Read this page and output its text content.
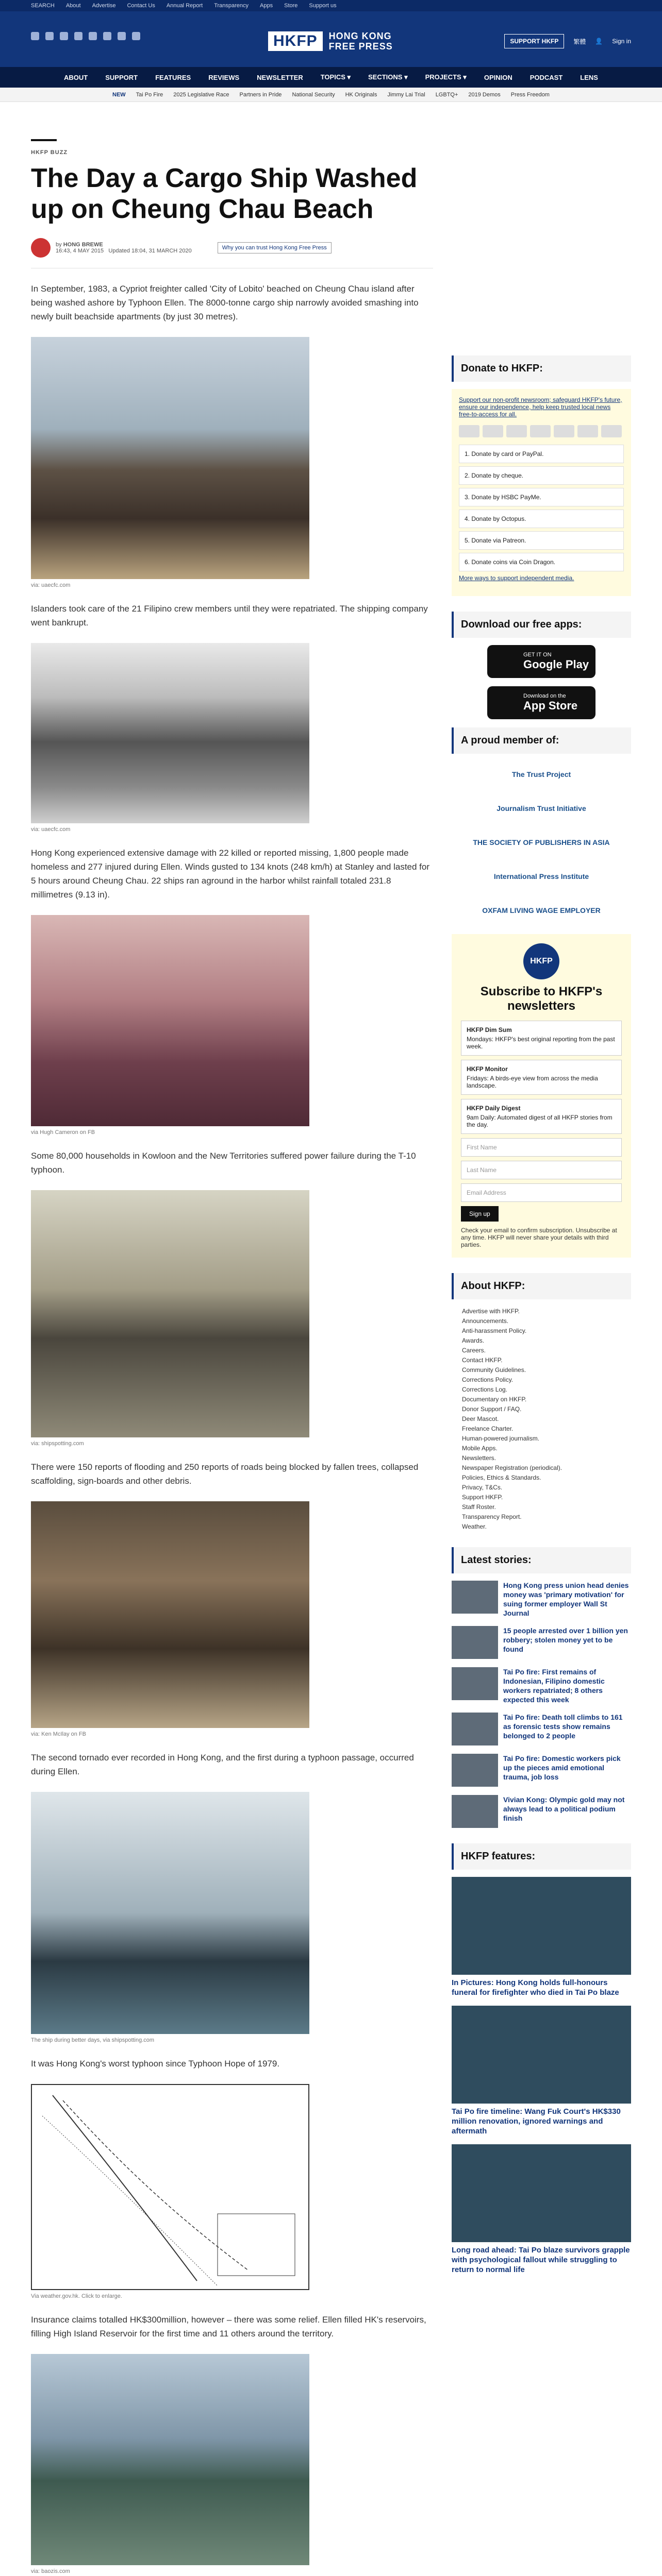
SEARCH About Advertise Contact Us Annual Report Transparency Apps Store Support us
HKFP	HONG KONG
FREE PRESS	SUPPORT HKFP	繁體 👤 Sign in
ABOUT	SUPPORT	FEATURES	REVIEWS	NEWSLETTER	TOPICS ▾	SECTIONS ▾	PROJECTS ▾	OPINION	PODCAST	LENS
NEW Tai Po Fire 2025 Legislative Race Partners in Pride National Security HK Originals Jimmy Lai Trial LGBTQ+ 2019 Demos Press Freedom
HKFP BUZZ
The Day a Cargo Ship Washed up on Cheung Chau Beach
by HONG BREWE
16:43, 4 MAY 2015 Updated 18:04, 31 MARCH 2020	Why you can trust Hong Kong Free Press

In September, 1983, a Cypriot freighter called 'City of Lobito' beached on Cheung Chau island after being washed ashore by Typhoon Ellen. The 8000-tonne cargo ship narrowly avoided smashing into newly built beachside apartments (by just 30 metres).

via: uaecfc.com

Islanders took care of the 21 Filipino crew members until they were repatriated. The shipping company went bankrupt.

via: uaecfc.com

Hong Kong experienced extensive damage with 22 killed or reported missing, 1,800 people made homeless and 277 injured during Ellen. Winds gusted to 134 knots (248 km/h) at Stanley and lasted for 5 hours around Cheung Chau. 22 ships ran aground in the harbor whilst rainfall totaled 231.8 millimetres (9.13 in).

via Hugh Cameron on FB

Some 80,000 households in Kowloon and the New Territories suffered power failure during the T-10 typhoon.

via: shipspotting.com

There were 150 reports of flooding and 250 reports of roads being blocked by fallen trees, collapsed scaffolding, sign-boards and other debris.

via: Ken McIlay on FB

The second tornado ever recorded in Hong Kong, and the first during a typhoon passage, occurred during Ellen.

The ship during better days, via shipspotting.com

It was Hong Kong's worst typhoon since Typhoon Hope of 1979.

Via weather.gov.hk. Click to enlarge.

Insurance claims totalled HK$300million, however – there was some relief. Ellen filled HK's reservoirs, filling High Island Reservoir for the first time and 11 others around the territory.

via: baozis.com

Donate to HKFP:
Support our non-profit newsroom; safeguard HKFP's future, ensure our independence, help keep trusted local news free-to-access for all.
1. Donate by card or PayPal.
2. Donate by cheque.
3. Donate by HSBC PayMe.
4. Donate by Octopus.
5. Donate via Patreon.
6. Donate coins via Coin Dragon.
More ways to support independent media.
Download our free apps:
GET IT ON
Google Play
Download on the
App Store
A proud member of:
The Trust Project
Journalism Trust Initiative
THE SOCIETY OF PUBLISHERS IN ASIA
International Press Institute
OXFAM LIVING WAGE EMPLOYER
HKFP
Subscribe to HKFP's newsletters
HKFP Dim Sum
Mondays: HKFP's best original reporting from the past week.
HKFP Monitor
Fridays: A birds-eye view from across the media landscape.
HKFP Daily Digest
9am Daily: Automated digest of all HKFP stories from the day.
First Name
Last Name
Email Address
Sign up

Check your email to confirm subscription. Unsubscribe at any time. HKFP will never share your details with third parties.

About HKFP:
Advertise with HKFP.
Announcements.
Anti-harassment Policy.
Awards.
Careers.
Contact HKFP.
Community Guidelines.
Corrections Policy.
Corrections Log.
Documentary on HKFP.
Donor Support / FAQ.
Deer Mascot.
Freelance Charter.
Human-powered journalism.
Mobile Apps.
Newsletters.
Newspaper Registration (periodical).
Policies, Ethics & Standards.
Privacy, T&Cs.
Support HKFP.
Staff Roster.
Transparency Report.
Weather.
Latest stories:
Hong Kong press union head denies money was 'primary motivation' for suing former employer Wall St Journal
15 people arrested over 1 billion yen robbery; stolen money yet to be found
Tai Po fire: First remains of Indonesian, Filipino domestic workers repatriated; 8 others expected this week
Tai Po fire: Death toll climbs to 161 as forensic tests show remains belonged to 2 people
Tai Po fire: Domestic workers pick up the pieces amid emotional trauma, job loss
Vivian Kong: Olympic gold may not always lead to a political podium finish
HKFP features:
In Pictures: Hong Kong holds full-honours funeral for firefighter who died in Tai Po blaze
Tai Po fire timeline: Wang Fuk Court's HK$330 million renovation, ignored warnings and aftermath
Long road ahead: Tai Po blaze survivors grapple with psychological fallout while struggling to return to normal life
